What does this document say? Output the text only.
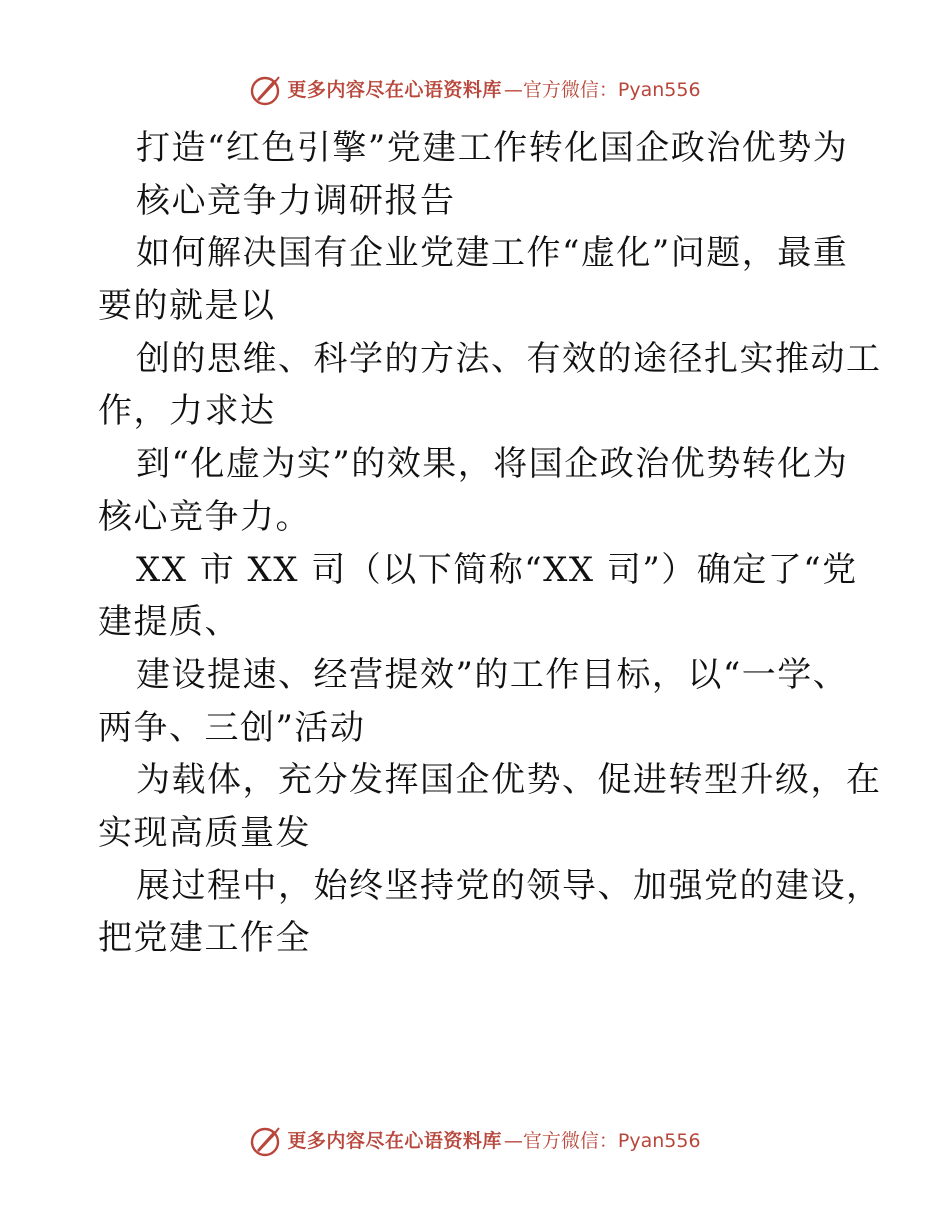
更多内容尽在心语资料库 —官方微信：Pyan556
打造“红色引擎”党建工作转化国企政治优势为
核心竞争力调研报告
如何解决国有企业党建工作“虚化”问题，最重
要的就是以
创的思维、科学的方法、有效的途径扎实推动工
作，力求达
到“化虚为实”的效果，将国企政治优势转化为
核心竞争力。
XX 市 XX 司（以下简称“XX 司”）确定了“党
建提质、
建设提速、经营提效”的工作目标，以“一学、
两争、三创”活动
为载体，充分发挥国企优势、促进转型升级，在
实现高质量发
展过程中，始终坚持党的领导、加强党的建设，
把党建工作全
更多内容尽在心语资料库 —官方微信：Pyan556
